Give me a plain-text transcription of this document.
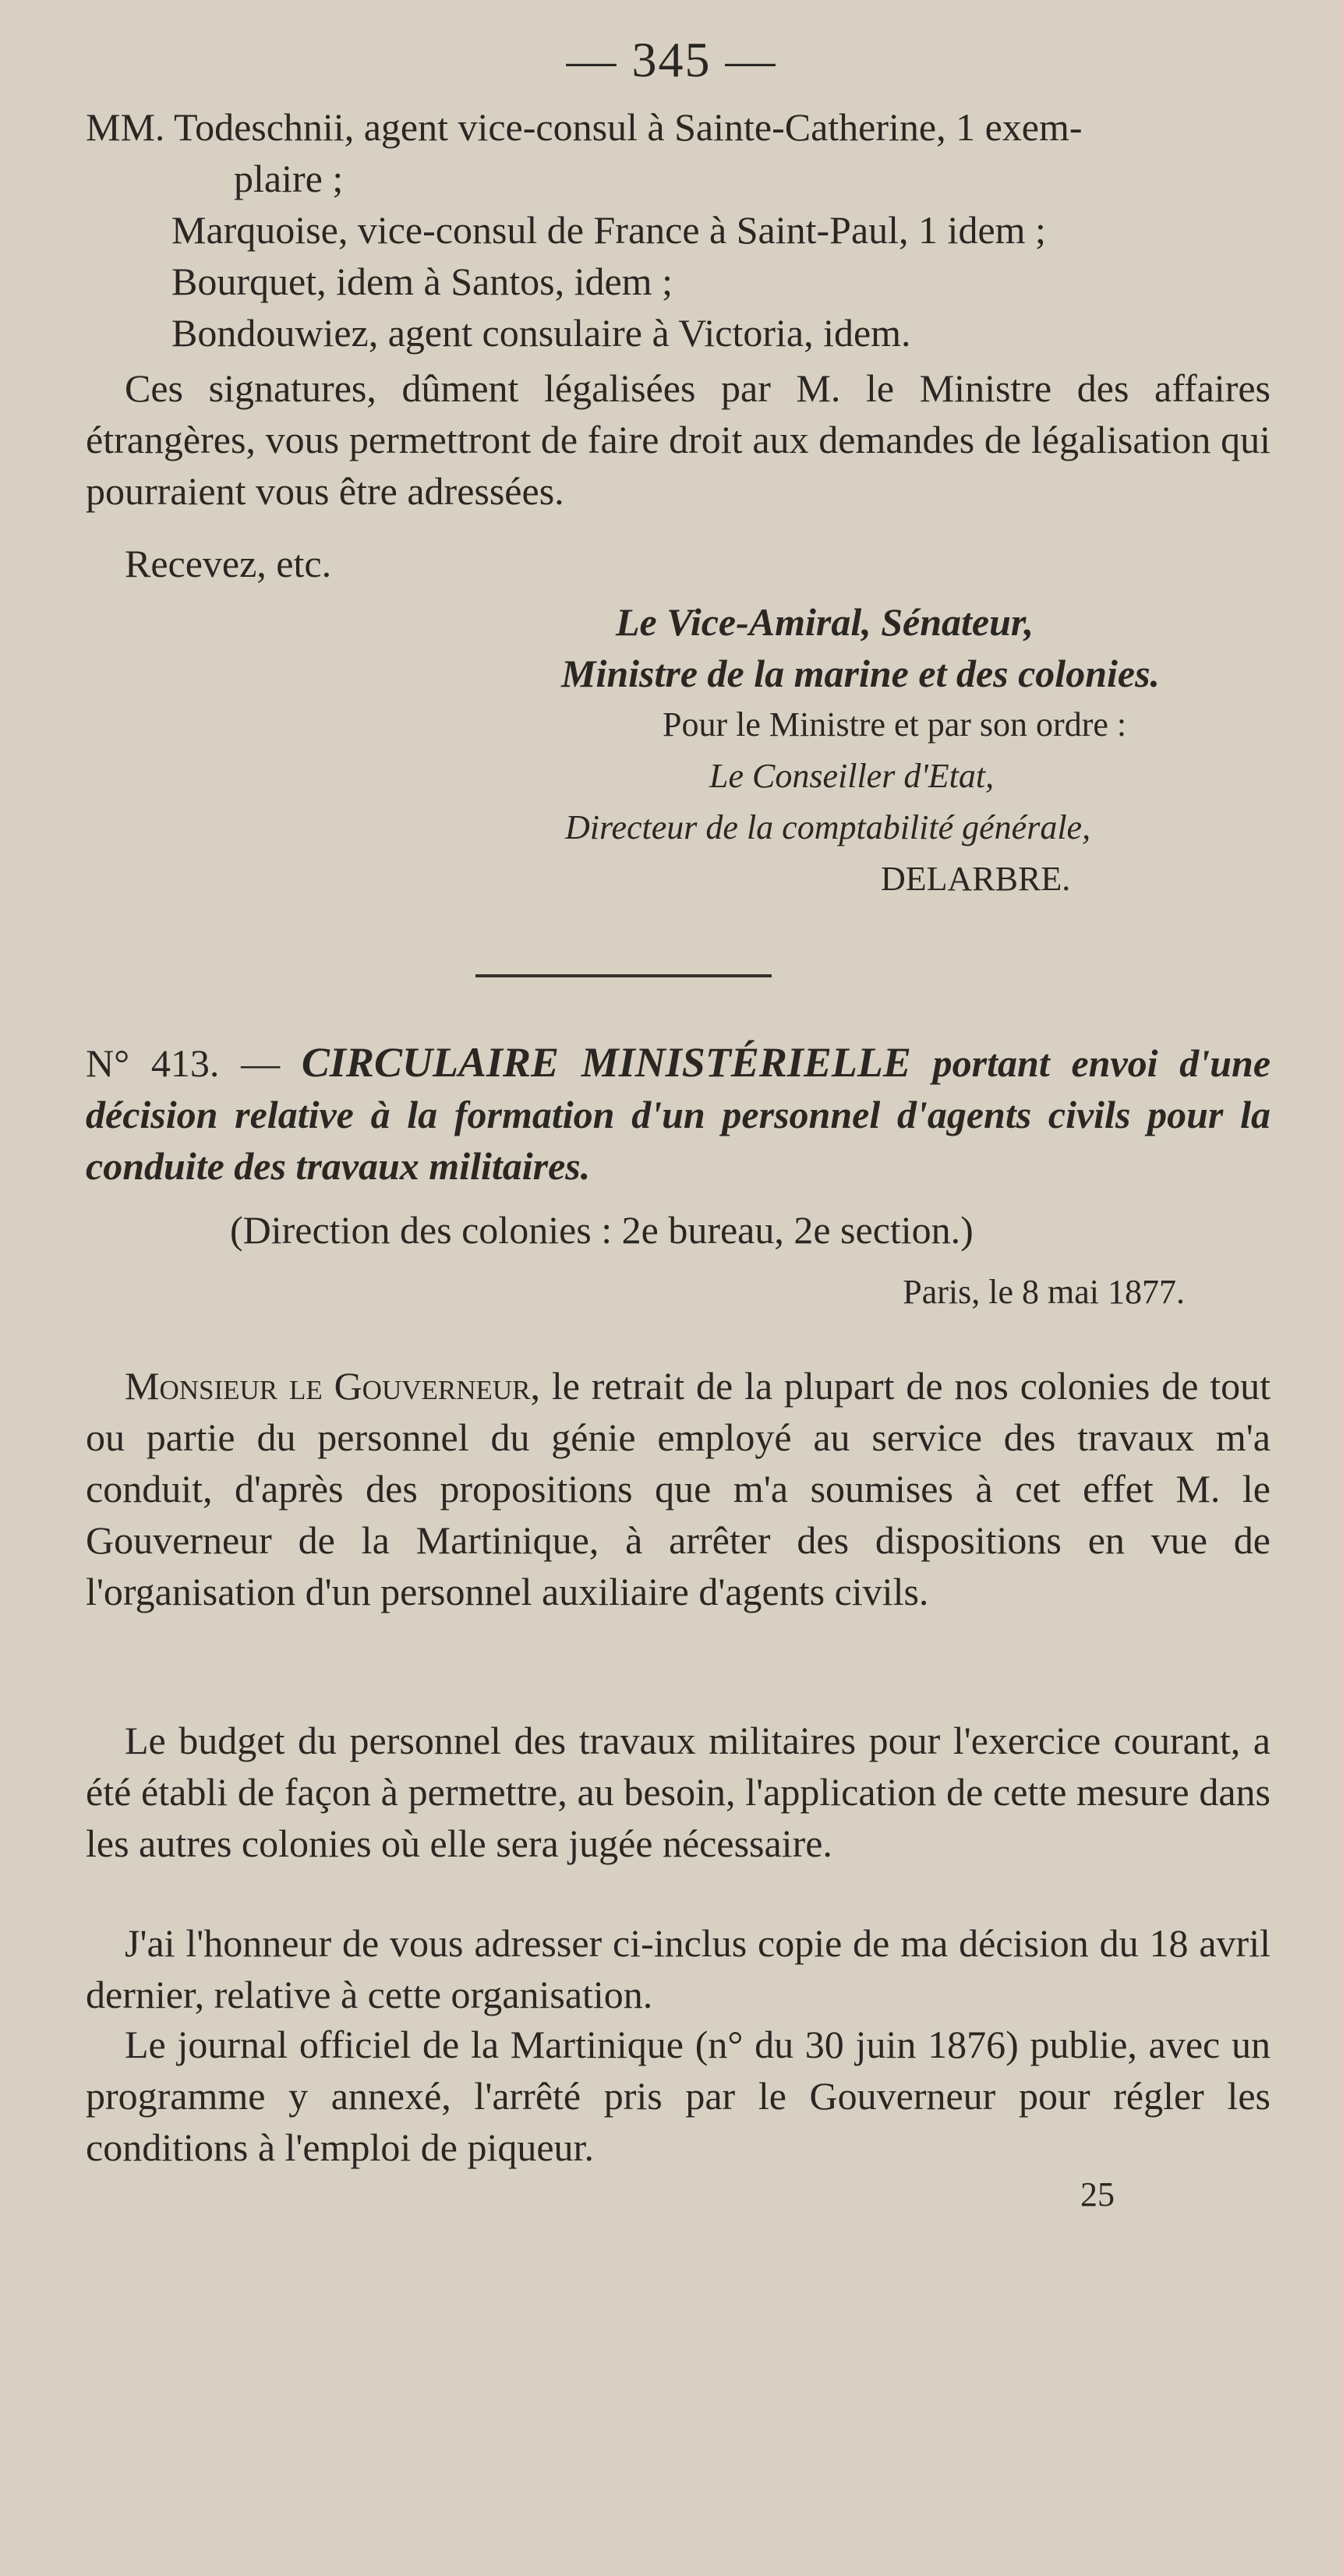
— 345 —
MM. Todeschnii, agent vice-consul à Sainte-Catherine, 1 exem-
plaire ;
Marquoise, vice-consul de France à Saint-Paul, 1 idem ;
Bourquet, idem à Santos, idem ;
Bondouwiez, agent consulaire à Victoria, idem.
Ces signatures, dûment légalisées par M. le Ministre des affaires étrangères, vous permettront de faire droit aux demandes de légalisation qui pourraient vous être adressées.
Recevez, etc.
Le Vice-Amiral, Sénateur,
Ministre de la marine et des colonies.
Pour le Ministre et par son ordre :
Le Conseiller d'Etat,
Directeur de la comptabilité générale,
DELARBRE.
N° 413. — CIRCULAIRE MINISTÉRIELLE portant envoi d'une décision relative à la formation d'un personnel d'agents civils pour la conduite des travaux militaires.
(Direction des colonies : 2e bureau, 2e section.)
Paris, le 8 mai 1877.
Monsieur le Gouverneur, le retrait de la plupart de nos colonies de tout ou partie du personnel du génie employé au service des travaux m'a conduit, d'après des propositions que m'a soumises à cet effet M. le Gouverneur de la Martinique, à arrêter des dispositions en vue de l'organisation d'un personnel auxiliaire d'agents civils.
Le budget du personnel des travaux militaires pour l'exercice courant, a été établi de façon à permettre, au besoin, l'application de cette mesure dans les autres colonies où elle sera jugée nécessaire.
J'ai l'honneur de vous adresser ci-inclus copie de ma décision du 18 avril dernier, relative à cette organisation.
Le journal officiel de la Martinique (n° du 30 juin 1876) publie, avec un programme y annexé, l'arrêté pris par le Gouverneur pour régler les conditions à l'emploi de piqueur.
25
